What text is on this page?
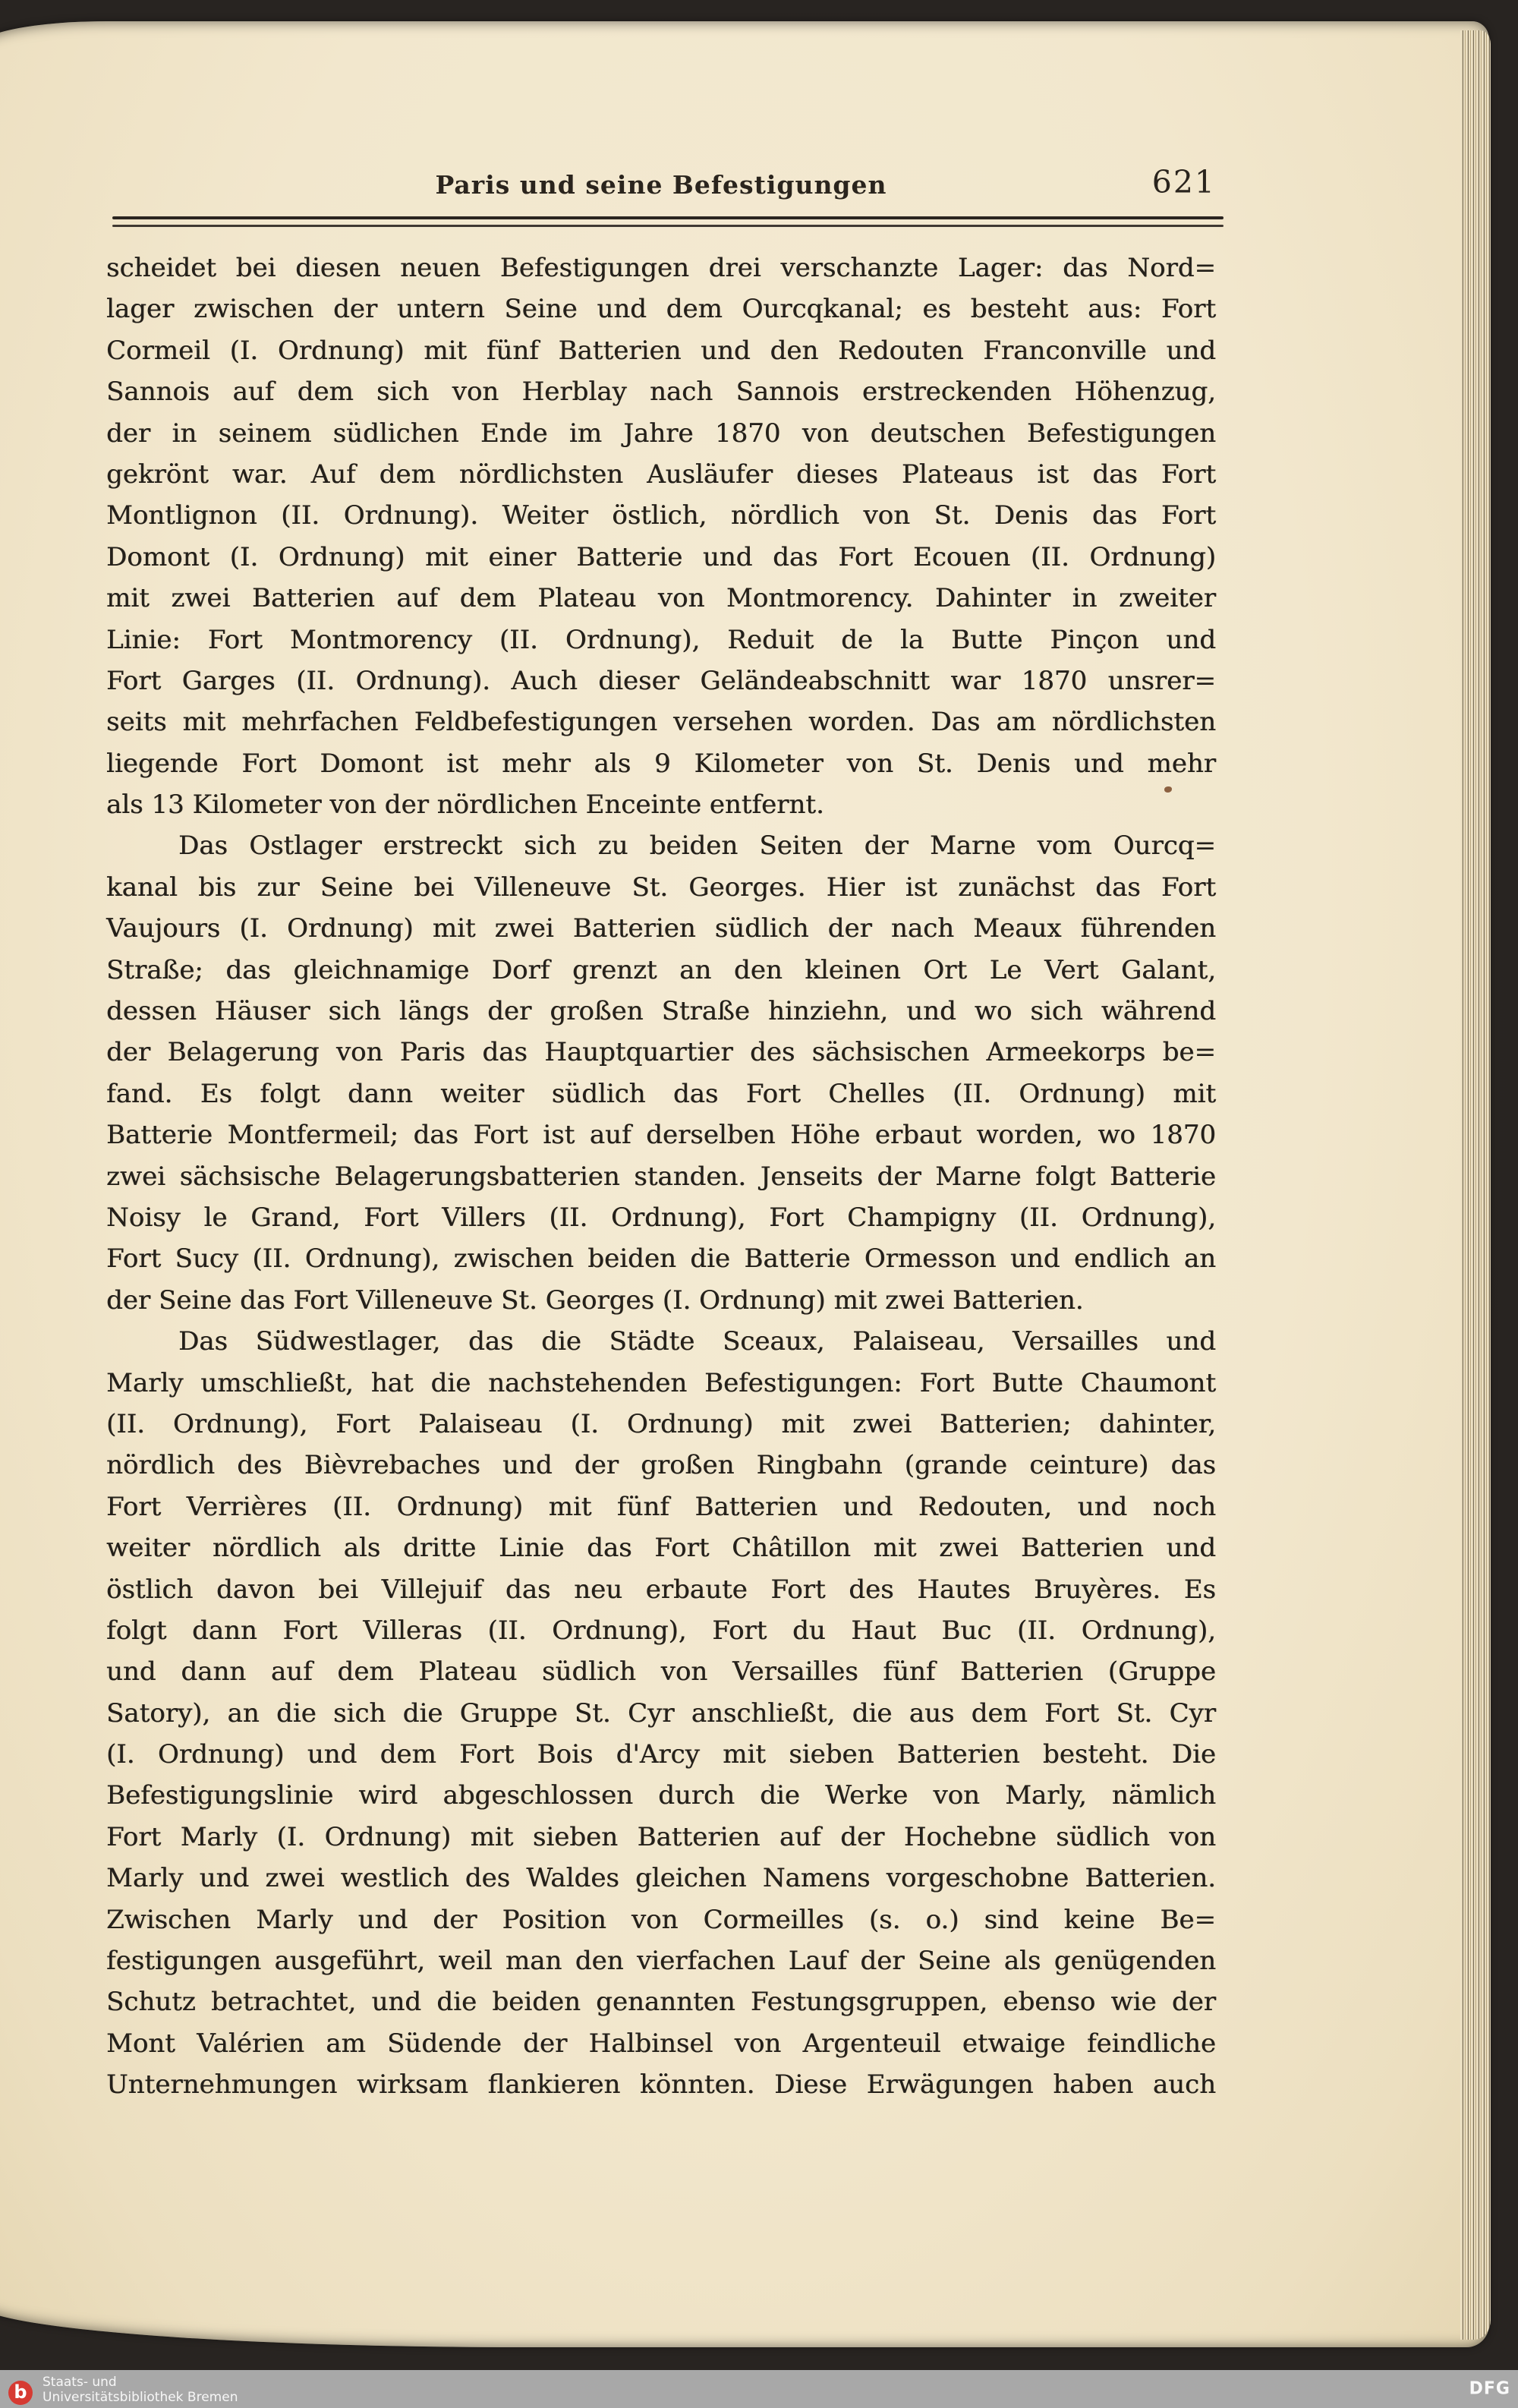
Paris und seine Befestigungen	621
scheidet bei diesen neuen Befestigungen drei verschanzte Lager: das Nord=
lager zwischen der untern Seine und dem Ourcqkanal; es besteht aus: Fort
Cormeil (I. Ordnung) mit fünf Batterien und den Redouten Franconville und
Sannois auf dem sich von Herblay nach Sannois erstreckenden Höhenzug,
der in seinem südlichen Ende im Jahre 1870 von deutschen Befestigungen
gekrönt war. Auf dem nördlichsten Ausläufer dieses Plateaus ist das Fort
Montlignon (II. Ordnung). Weiter östlich, nördlich von St. Denis das Fort
Domont (I. Ordnung) mit einer Batterie und das Fort Ecouen (II. Ordnung)
mit zwei Batterien auf dem Plateau von Montmorency. Dahinter in zweiter
Linie: Fort Montmorency (II. Ordnung), Reduit de la Butte Pinçon und
Fort Garges (II. Ordnung). Auch dieser Geländeabschnitt war 1870 unsrer=
seits mit mehrfachen Feldbefestigungen versehen worden. Das am nördlichsten
liegende Fort Domont ist mehr als 9 Kilometer von St. Denis und mehr
als 13 Kilometer von der nördlichen Enceinte entfernt.
Das Ostlager erstreckt sich zu beiden Seiten der Marne vom Ourcq=
kanal bis zur Seine bei Villeneuve St. Georges. Hier ist zunächst das Fort
Vaujours (I. Ordnung) mit zwei Batterien südlich der nach Meaux führenden
Straße; das gleichnamige Dorf grenzt an den kleinen Ort Le Vert Galant,
dessen Häuser sich längs der großen Straße hinziehn, und wo sich während
der Belagerung von Paris das Hauptquartier des sächsischen Armeekorps be=
fand. Es folgt dann weiter südlich das Fort Chelles (II. Ordnung) mit
Batterie Montfermeil; das Fort ist auf derselben Höhe erbaut worden, wo 1870
zwei sächsische Belagerungsbatterien standen. Jenseits der Marne folgt Batterie
Noisy le Grand, Fort Villers (II. Ordnung), Fort Champigny (II. Ordnung),
Fort Sucy (II. Ordnung), zwischen beiden die Batterie Ormesson und endlich an
der Seine das Fort Villeneuve St. Georges (I. Ordnung) mit zwei Batterien.
Das Südwestlager, das die Städte Sceaux, Palaiseau, Versailles und
Marly umschließt, hat die nachstehenden Befestigungen: Fort Butte Chaumont
(II. Ordnung), Fort Palaiseau (I. Ordnung) mit zwei Batterien; dahinter,
nördlich des Bièvrebaches und der großen Ringbahn (grande ceinture) das
Fort Verrières (II. Ordnung) mit fünf Batterien und Redouten, und noch
weiter nördlich als dritte Linie das Fort Châtillon mit zwei Batterien und
östlich davon bei Villejuif das neu erbaute Fort des Hautes Bruyères. Es
folgt dann Fort Villeras (II. Ordnung), Fort du Haut Buc (II. Ordnung),
und dann auf dem Plateau südlich von Versailles fünf Batterien (Gruppe
Satory), an die sich die Gruppe St. Cyr anschließt, die aus dem Fort St. Cyr
(I. Ordnung) und dem Fort Bois d'Arcy mit sieben Batterien besteht. Die
Befestigungslinie wird abgeschlossen durch die Werke von Marly, nämlich
Fort Marly (I. Ordnung) mit sieben Batterien auf der Hochebne südlich von
Marly und zwei westlich des Waldes gleichen Namens vorgeschobne Batterien.
Zwischen Marly und der Position von Cormeilles (s. o.) sind keine Be=
festigungen ausgeführt, weil man den vierfachen Lauf der Seine als genügenden
Schutz betrachtet, und die beiden genannten Festungsgruppen, ebenso wie der
Mont Valérien am Südende der Halbinsel von Argenteuil etwaige feindliche
Unternehmungen wirksam flankieren könnten. Diese Erwägungen haben auch
b	Staats- und
Universitätsbibliothek Bremen	DFG
